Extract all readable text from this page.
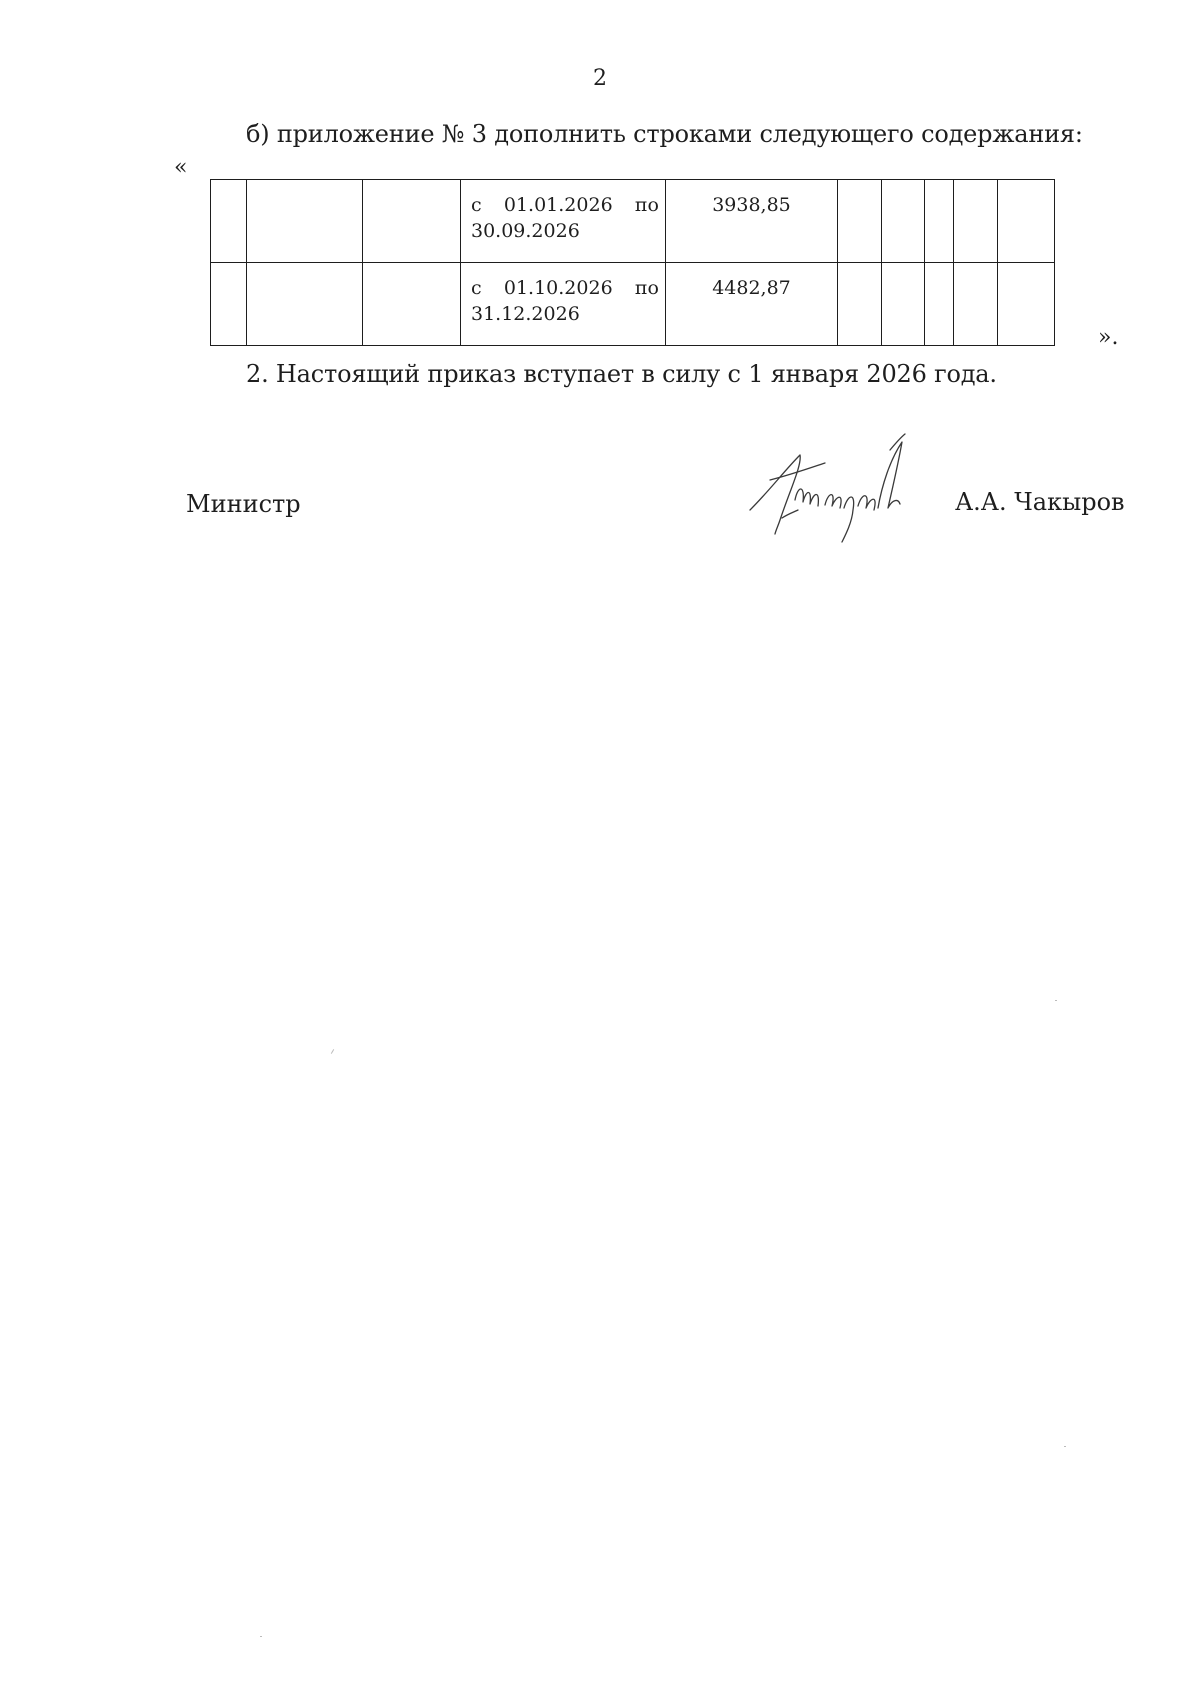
2
б) приложение № 3 дополнить строками следующего содержания:
«

			с 01.01.2026 по
30.09.2026	3938,85					

			с 01.10.2026 по
31.12.2026	4482,87					
».
2. Настоящий приказ вступает в силу с 1 января 2026 года.
Министр	А.А. Чакыров
